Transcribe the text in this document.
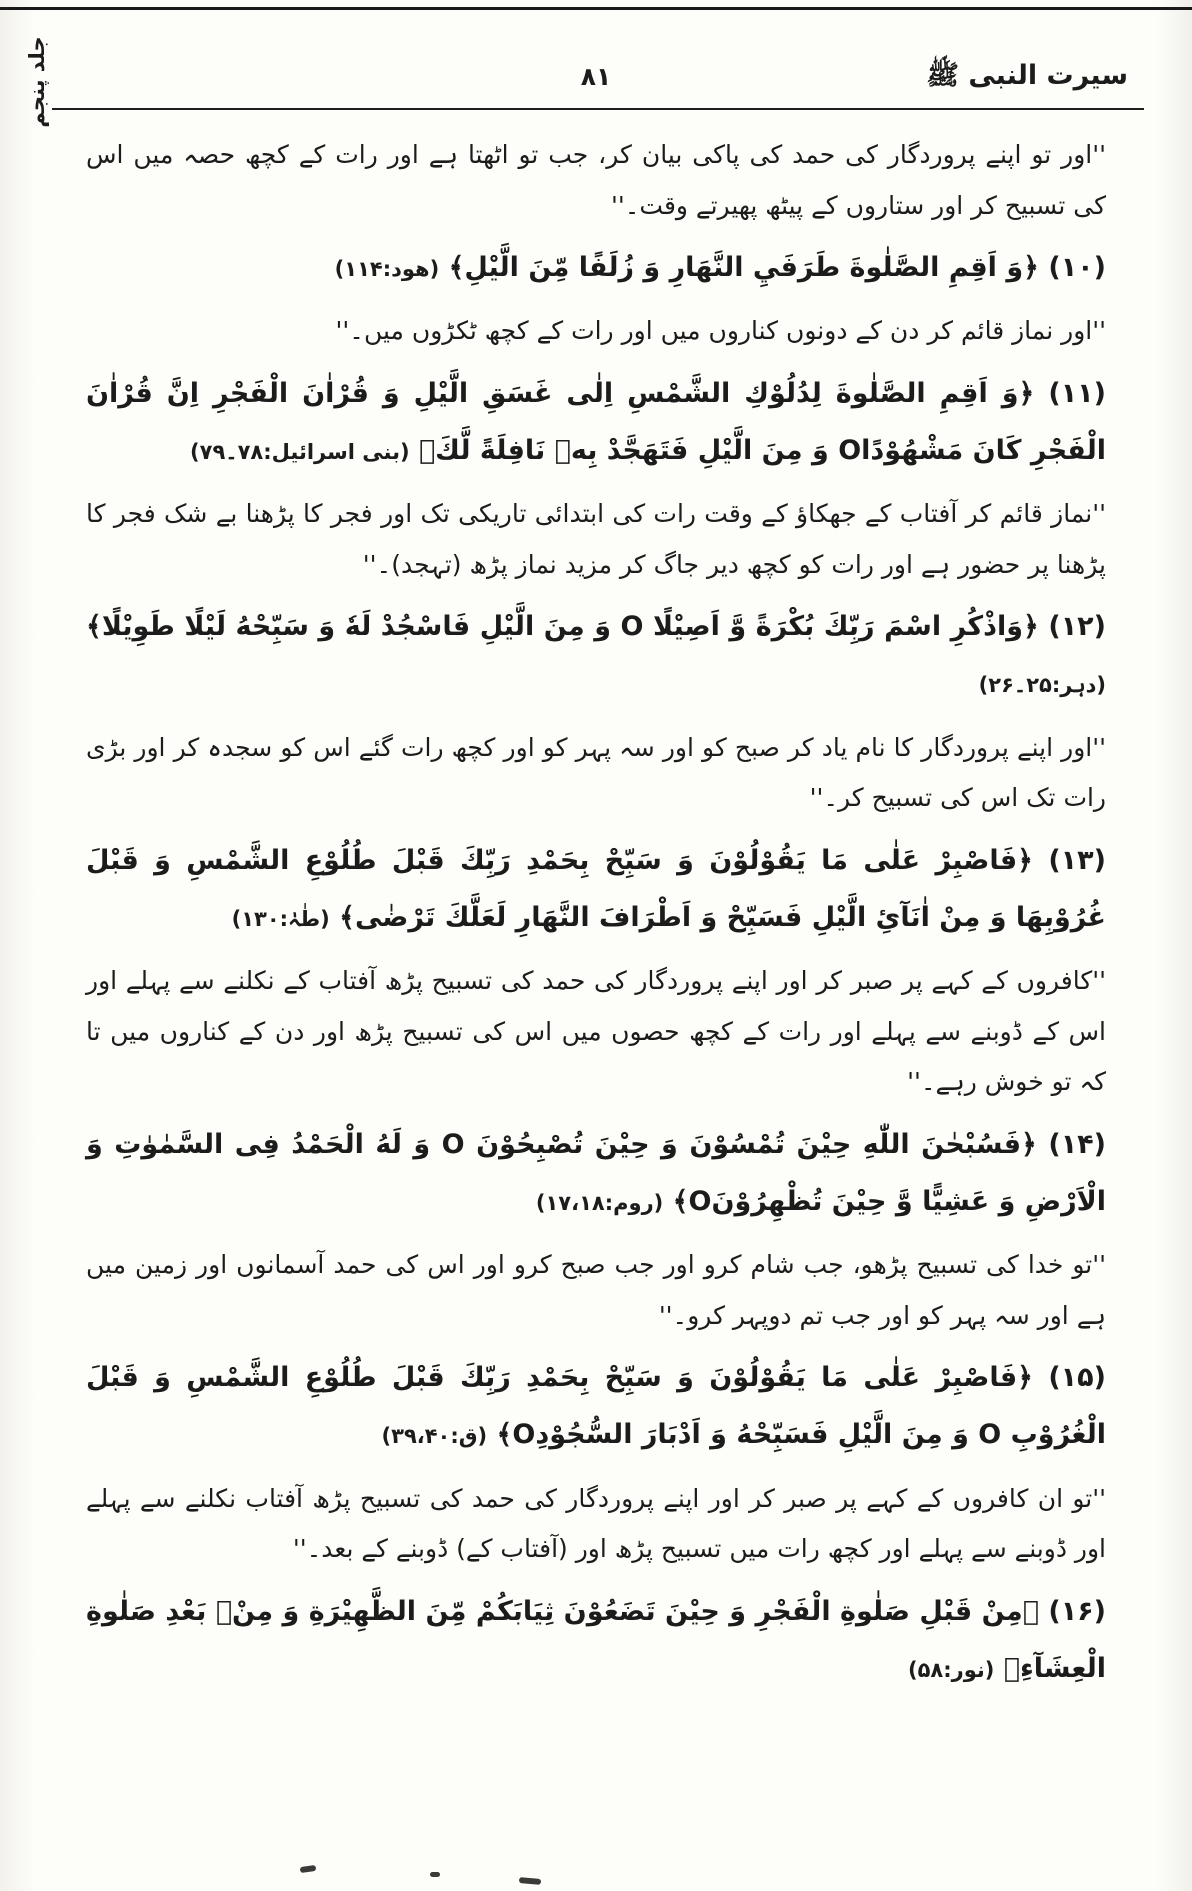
جلد پنجم	سیرت النبی ﷺ
٨١

''اور تو اپنے پروردگار کی حمد کی پاکی بیان کر، جب تو اٹھتا ہے اور رات کے کچھ حصہ میں اس کی تسبیح کر اور ستاروں کے پیٹھ پھیرتے وقت۔''

(۱۰) ﴿وَ اَقِمِ الصَّلٰوةَ طَرَفَيِ النَّهَارِ وَ زُلَفًا مِّنَ الَّيْلِ﴾ (هود:۱۱۴)

''اور نماز قائم کر دن کے دونوں کناروں میں اور رات کے کچھ ٹکڑوں میں۔''

(۱۱) ﴿وَ اَقِمِ الصَّلٰوةَ لِدُلُوْكِ الشَّمْسِ اِلٰى غَسَقِ الَّيْلِ وَ قُرْاٰنَ الْفَجْرِ اِنَّ قُرْاٰنَ الْفَجْرِ كَانَ مَشْهُوْدًاO وَ مِنَ الَّيْلِ فَتَهَجَّدْ بِهٖ نَافِلَةً لَّكَ﴾ (بنی اسرائیل:۷۸۔۷۹)

''نماز قائم کر آفتاب کے جھکاؤ کے وقت رات کی ابتدائی تاریکی تک اور فجر کا پڑھنا بے شک فجر کا پڑھنا پر حضور ہے اور رات کو کچھ دیر جاگ کر مزید نماز پڑھ (تہجد)۔''

(۱۲) ﴿وَاذْكُرِ اسْمَ رَبِّكَ بُكْرَةً وَّ اَصِيْلًا O وَ مِنَ الَّيْلِ فَاسْجُدْ لَهٗ وَ سَبِّحْهُ لَيْلًا طَوِيْلًا﴾ (دہر:۲۵۔۲۶)

''اور اپنے پروردگار کا نام یاد کر صبح کو اور سہ پہر کو اور کچھ رات گئے اس کو سجدہ کر اور بڑی رات تک اس کی تسبیح کر۔''

(۱۳) ﴿فَاصْبِرْ عَلٰى مَا يَقُوْلُوْنَ وَ سَبِّحْ بِحَمْدِ رَبِّكَ قَبْلَ طُلُوْعِ الشَّمْسِ وَ قَبْلَ غُرُوْبِهَا وَ مِنْ اٰنَآئِ الَّيْلِ فَسَبِّحْ وَ اَطْرَافَ النَّهَارِ لَعَلَّكَ تَرْضٰى﴾ (طٰہٰ:۱۳۰)

''کافروں کے کہے پر صبر کر اور اپنے پروردگار کی حمد کی تسبیح پڑھ آفتاب کے نکلنے سے پہلے اور اس کے ڈوبنے سے پہلے اور رات کے کچھ حصوں میں اس کی تسبیح پڑھ اور دن کے کناروں میں تا کہ تو خوش رہے۔''

(۱۴) ﴿فَسُبْحٰنَ اللّٰهِ حِيْنَ تُمْسُوْنَ وَ حِيْنَ تُصْبِحُوْنَ O وَ لَهُ الْحَمْدُ فِى السَّمٰوٰتِ وَ الْاَرْضِ وَ عَشِيًّا وَّ حِيْنَ تُظْهِرُوْنَO﴾ (روم:۱۷،۱۸)

''تو خدا کی تسبیح پڑھو، جب شام کرو اور جب صبح کرو اور اس کی حمد آسمانوں اور زمین میں ہے اور سہ پہر کو اور جب تم دوپہر کرو۔''

(۱۵) ﴿فَاصْبِرْ عَلٰى مَا يَقُوْلُوْنَ وَ سَبِّحْ بِحَمْدِ رَبِّكَ قَبْلَ طُلُوْعِ الشَّمْسِ وَ قَبْلَ الْغُرُوْبِ O وَ مِنَ الَّيْلِ فَسَبِّحْهُ وَ اَدْبَارَ السُّجُوْدِO﴾ (ق:۳۹،۴۰)

''تو ان کافروں کے کہے پر صبر کر اور اپنے پروردگار کی حمد کی تسبیح پڑھ آفتاب نکلنے سے پہلے اور ڈوبنے سے پہلے اور کچھ رات میں تسبیح پڑھ اور (آفتاب کے) ڈوبنے کے بعد۔''

(۱۶) ﴿مِنْ قَبْلِ صَلٰوةِ الْفَجْرِ وَ حِيْنَ تَضَعُوْنَ ثِيَابَكُمْ مِّنَ الظَّهِيْرَةِ وَ مِنْۢ بَعْدِ صَلٰوةِ الْعِشَآءِ﴾ (نور:۵۸)
